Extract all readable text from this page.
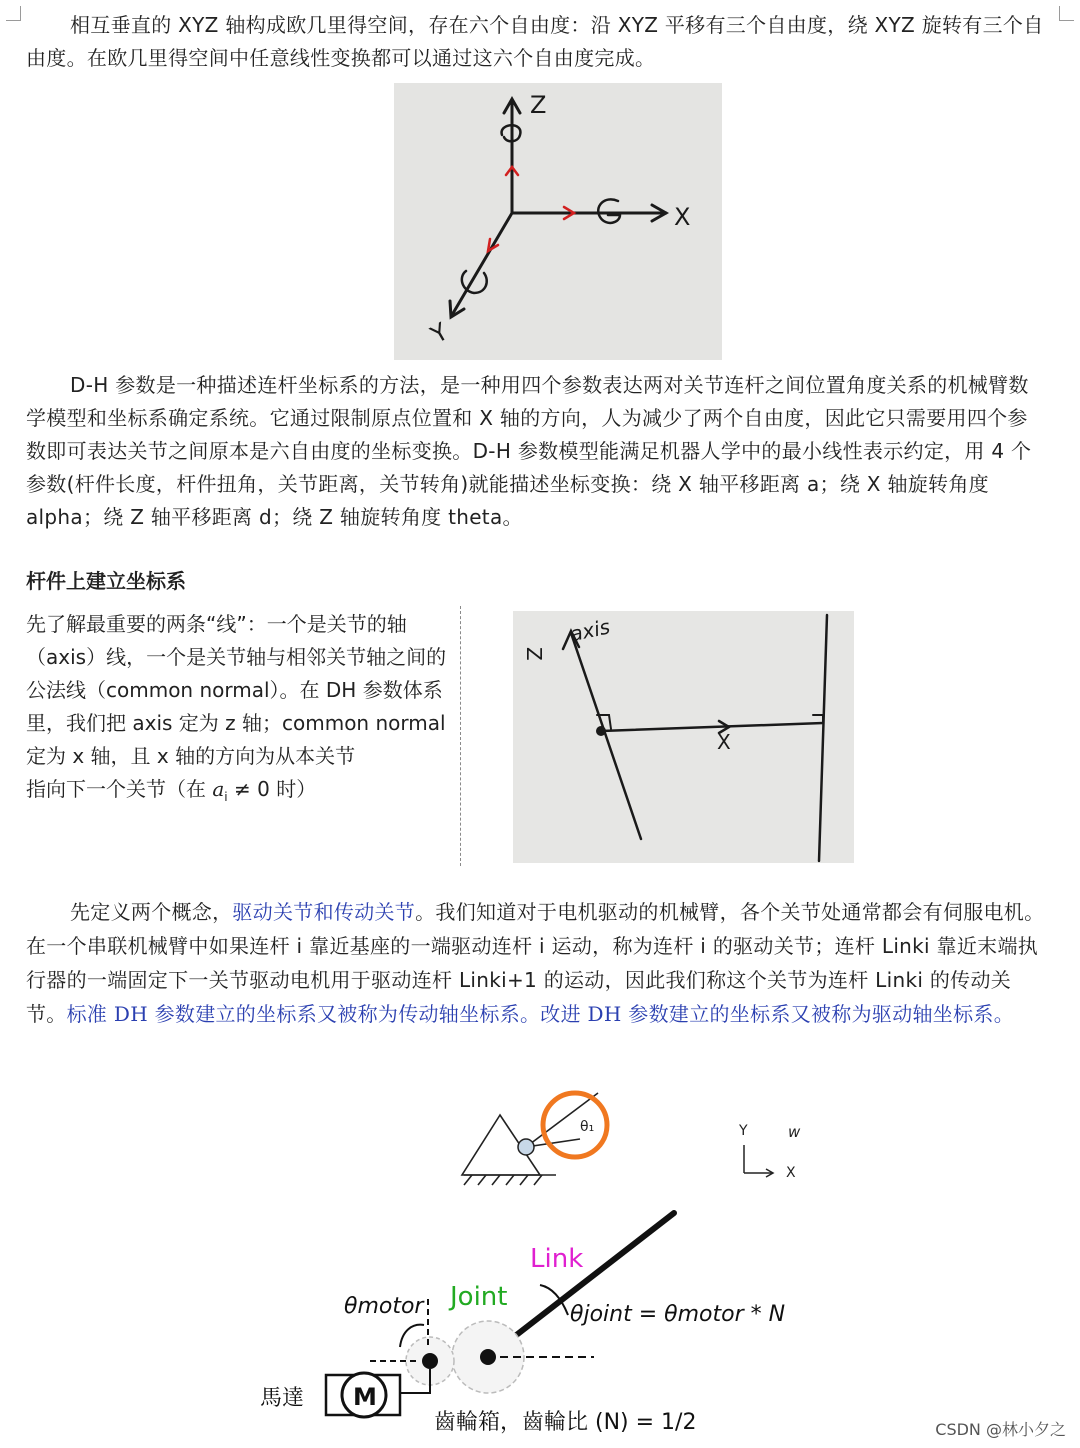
相互垂直的 XYZ 轴构成欧几里得空间，存在六个自由度：沿 XYZ 平移有三个自由度，绕 XYZ 旋转有三个自由度。在欧几里得空间中任意线性变换都可以通过这六个自由度完成。

Z
X
Y

D-H 参数是一种描述连杆坐标系的方法，是一种用四个参数表达两对关节连杆之间位置角度关系的机械臂数学模型和坐标系确定系统。它通过限制原点位置和 X 轴的方向，人为减少了两个自由度，因此它只需要用四个参数即可表达关节之间原本是六自由度的坐标变换。D-H 参数模型能满足机器人学中的最小线性表示约定，用 4 个参数(杆件长度，杆件扭角，关节距离，关节转角)就能描述坐标变换：绕 X 轴平移距离 a；绕 X 轴旋转角度 alpha；绕 Z 轴平移距离 d；绕 Z 轴旋转角度 theta。

杆件上建立坐标系

先了解最重要的两条“线”：一个是关节的轴（axis）线，一个是关节轴与相邻关节轴之间的公法线（common normal）。在 DH 参数体系里，我们把 axis 定为 z 轴；common normal 定为 x 轴，且 x 轴的方向为从本关节
指向下一个关节（在 $a_i \ne 0$ 时）

Z
axis
X

先定义两个概念，驱动关节和传动关节。我们知道对于电机驱动的机械臂，各个关节处通常都会有伺服电机。在一个串联机械臂中如果连杆 i 靠近基座的一端驱动连杆 i 运动，称为连杆 i 的驱动关节；连杆 Linki 靠近末端执行器的一端固定下一关节驱动电机用于驱动连杆 Linki+1 的运动，因此我们称这个关节为连杆 Linki 的传动关节。标准 DH 参数建立的坐标系又被称为传动轴坐标系。改进 DH 参数建立的坐标系又被称为驱动轴坐标系。

θ₁	Y	w
X
Link
Joint
θmotor	θjoint = θmotor * N
M
馬達
齒輪箱，齒輪比 (N) = 1/2	CSDN @林小夕之
